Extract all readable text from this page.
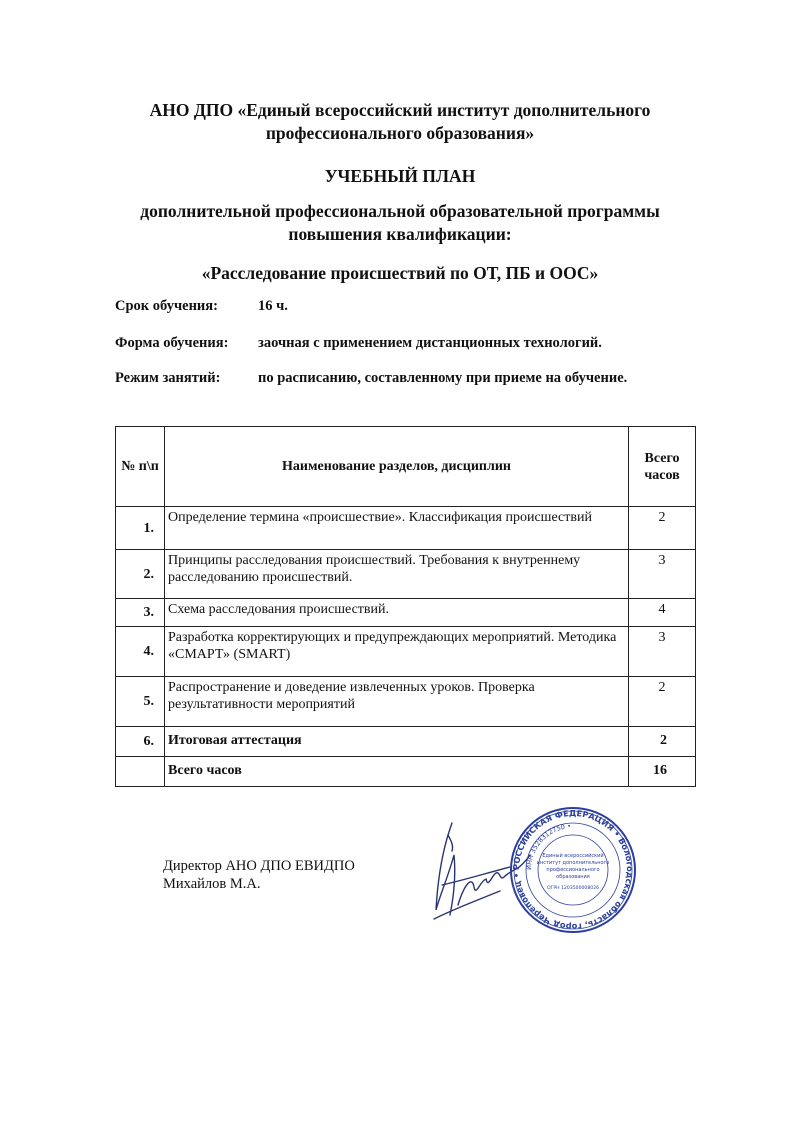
АНО ДПО «Единый всероссийский институт дополнительного
профессионального образования»
УЧЕБНЫЙ ПЛАН
дополнительной профессиональной образовательной программы
повышения квалификации:
«Расследование происшествий по ОТ, ПБ и ООС»
Срок обучения:	16 ч.
Форма обучения: заочная с применением дистанционных технологий.
Режим занятий:	по расписанию, составленному при приеме на обучение.
№ п\п	Наименование разделов, дисциплин	Всего
часов

1.	Определение термина «происшествие». Классификация происшествий	2
2.	Принципы расследования происшествий. Требования к внутреннему расследованию происшествий.	3
3.	Схема расследования происшествий.	4
4.	Разработка корректирующих и предупреждающих мероприятий. Методика «СМАРТ» (SMART)	3
5.	Распространение и доведение извлеченных уроков. Проверка результативности мероприятий	2
6.	Итоговая аттестация	2
	Всего часов	16
Директор АНО ДПО ЕВИДПО
Михайлов М.А.
РОССИЙСКАЯ ФЕДЕРАЦИЯ • Вологодская область, город Череповец •
ИНН 3528312750 •
Единый всероссийский
институт дополнительного
профессионального
образования
ОГРН 1203500008026
